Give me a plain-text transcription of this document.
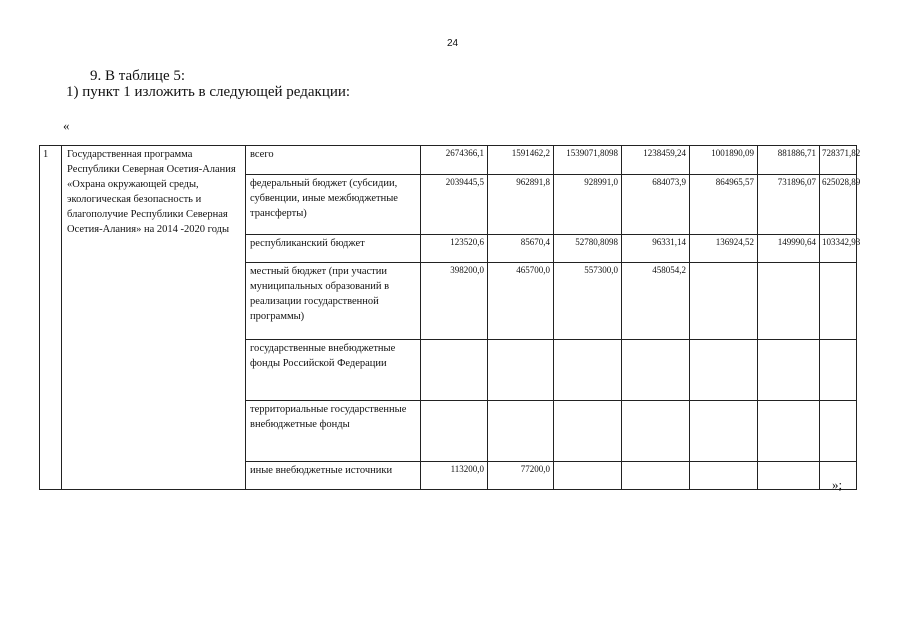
24
9. В таблице 5:
1) пункт 1 изложить в следующей редакции:
«
1	Государственная программа Республики Северная Осетия-Алания «Охрана окружающей среды, экологическая безопасность и благополучие Республики Северная Осетия-Алания» на 2014 -2020 годы	всего	2674366,1	1591462,2	1539071,8098	1238459,24	1001890,09	881886,71	728371,82
		федеральный бюджет (субсидии, субвенции, иные межбюджетные трансферты)	2039445,5	962891,8	928991,0	684073,9	864965,57	731896,07	625028,89
		республиканский бюджет	123520,6	85670,4	52780,8098	96331,14	136924,52	149990,64	103342,93
		местный бюджет (при участии муниципальных образований в реализации государственной программы)	398200,0	465700,0	557300,0	458054,2			
		государственные внебюджетные фонды Российской Федерации							
		территориальные государственные внебюджетные фонды							
		иные внебюджетные источники	113200,0	77200,0					
»;
